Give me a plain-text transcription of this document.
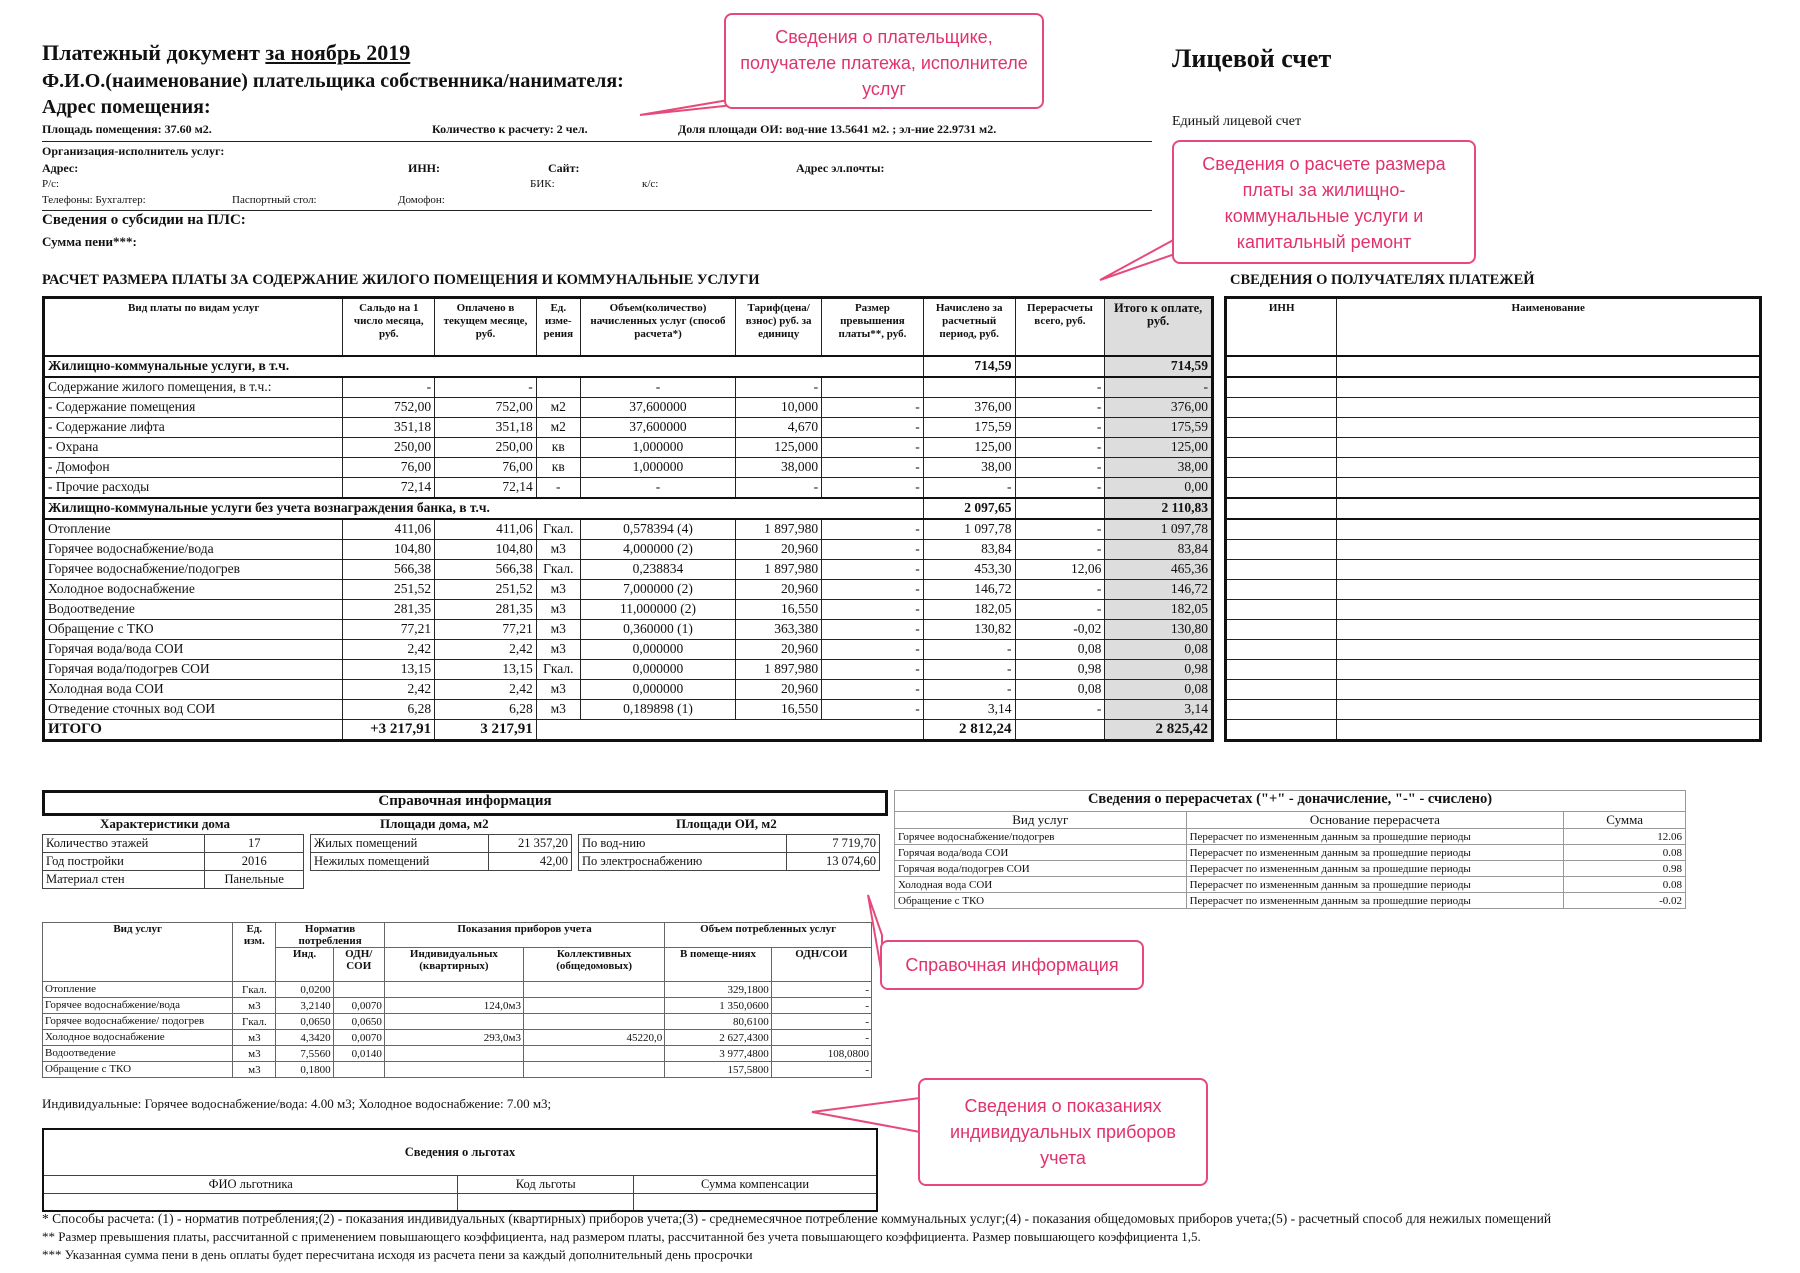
Платежный документ за ноябрь 2019
Ф.И.О.(наименование) плательщика собственника/нанимателя:
Адрес помещения:
Площадь помещения: 37.60 м2.	Количество к расчету: 2 чел.	Доля площади ОИ: вод-ние 13.5641 м2. ; эл-ние 22.9731 м2.
Организация-исполнитель услуг:
Адрес:	ИНН:	Сайт:	Адрес эл.почты:
Р/с:	БИК:	к/с:
Телефоны: Бухгалтер:	Паспортный стол:	Домофон:
Сведения о субсидии на ПЛС:
Сумма пени***:
Лицевой счет
Единый лицевой счет
Сведения о плательщике, получателе платежа, исполнителе услуг
Сведения о расчете размера платы за жилищно-коммунальные услуги и капитальный ремонт
Справочная информация
Сведения о показаниях индивидуальных приборов учета
РАСЧЕТ РАЗМЕРА ПЛАТЫ ЗА СОДЕРЖАНИЕ ЖИЛОГО ПОМЕЩЕНИЯ И КОММУНАЛЬНЫЕ УСЛУГИ
Вид платы по видам услуг	Сальдо на 1 число месяца, руб.	Оплачено в текущем месяце, руб.	Ед. изме-рения	Объем(количество) начисленных услуг (способ расчета*)	Тариф(цена/ взнос) руб. за единицу	Размер превышения платы**, руб.	Начислено за расчетный период, руб.	Перерасчеты всего, руб.	Итого к оплате, руб.
Жилищно-коммунальные услуги, в т.ч.							714,59		714,59
Содержание жилого помещения, в т.ч.:	-	-		-	-			-	-
- Содержание помещения	752,00	752,00	м2	37,600000	10,000	-	376,00	-	376,00
- Содержание лифта	351,18	351,18	м2	37,600000	4,670	-	175,59	-	175,59
- Охрана	250,00	250,00	кв	1,000000	125,000	-	125,00	-	125,00
- Домофон	76,00	76,00	кв	1,000000	38,000	-	38,00	-	38,00
- Прочие расходы	72,14	72,14	-	-	-	-	-	-	0,00
Жилищно-коммунальные услуги без учета вознаграждения банка, в т.ч.							2 097,65		2 110,83
Отопление	411,06	411,06	Гкал.	0,578394 (4)	1 897,980	-	1 097,78	-	1 097,78
Горячее водоснабжение/вода	104,80	104,80	м3	4,000000 (2)	20,960	-	83,84	-	83,84
Горячее водоснабжение/подогрев	566,38	566,38	Гкал.	0,238834	1 897,980	-	453,30	12,06	465,36
Холодное водоснабжение	251,52	251,52	м3	7,000000 (2)	20,960	-	146,72	-	146,72
Водоотведение	281,35	281,35	м3	11,000000 (2)	16,550	-	182,05	-	182,05
Обращение с ТКО	77,21	77,21	м3	0,360000 (1)	363,380	-	130,82	-0,02	130,80
Горячая вода/вода СОИ	2,42	2,42	м3	0,000000	20,960	-	-	0,08	0,08
Горячая вода/подогрев СОИ	13,15	13,15	Гкал.	0,000000	1 897,980	-	-	0,98	0,98
Холодная вода СОИ	2,42	2,42	м3	0,000000	20,960	-	-	0,08	0,08
Отведение сточных вод СОИ	6,28	6,28	м3	0,189898 (1)	16,550	-	3,14	-	3,14
ИТОГО	+3 217,91	3 217,91					2 812,24		2 825,42
СВЕДЕНИЯ О ПОЛУЧАТЕЛЯХ ПЛАТЕЖЕЙ
ИНН	Наименование

Справочная информация
Характеристики дома	Площади дома, м2	Площади ОИ, м2
Количество этажей	17
Год постройки	2016
Материал стен	Панельные
Жилых помещений	21 357,20
Нежилых помещений	42,00
По вод-нию	7 719,70
По электроснабжению	13 074,60
Сведения о перерасчетах ("+" - доначисление, "-" - счислено)
Вид услуг	Основание перерасчета	Сумма
Горячее водоснабжение/подогрев	Перерасчет по измененным данным за прошедшие периоды	12.06
Горячая вода/вода СОИ	Перерасчет по измененным данным за прошедшие периоды	0.08
Горячая вода/подогрев СОИ	Перерасчет по измененным данным за прошедшие периоды	0.98
Холодная вода СОИ	Перерасчет по измененным данным за прошедшие периоды	0.08
Обращение с ТКО	Перерасчет по измененным данным за прошедшие периоды	-0.02
Вид услуг	Ед. изм.	Норматив потребления		Показания приборов учета		Объем потребленных услуг	
		Инд.	ОДН/ СОИ	Индивидуальных (квартирных)	Коллективных (общедомовых)	В помеще-ниях	ОДН/СОИ
Отопление	Гкал.	0,0200				329,1800	-
Горячее водоснабжение/вода	м3	3,2140	0,0070	124,0м3		1 350,0600	-
Горячее водоснабжение/ подогрев	Гкал.	0,0650	0,0650			80,6100	-
Холодное водоснабжение	м3	4,3420	0,0070	293,0м3	45220,0	2 627,4300	-
Водоотведение	м3	7,5560	0,0140			3 977,4800	108,0800
Обращение с ТКО	м3	0,1800				157,5800	-
Индивидуальные: Горячее водоснабжение/вода: 4.00 м3; Холодное водоснабжение: 7.00 м3;
Сведения о льготах		
ФИО льготника	Код льготы	Сумма компенсации

* Способы расчета: (1) - норматив потребления;(2) - показания индивидуальных (квартирных) приборов учета;(3) - среднемесячное потребление коммунальных услуг;(4) - показания общедомовых приборов учета;(5) - расчетный способ для нежилых помещений
** Размер превышения платы, рассчитанной с применением повышающего коэффициента, над размером платы, рассчитанной без учета повышающего коэффициента. Размер повышающего коэффициента 1,5.
*** Указанная сумма пени в день оплаты будет пересчитана исходя из расчета пени за каждый дополнительный день просрочки
